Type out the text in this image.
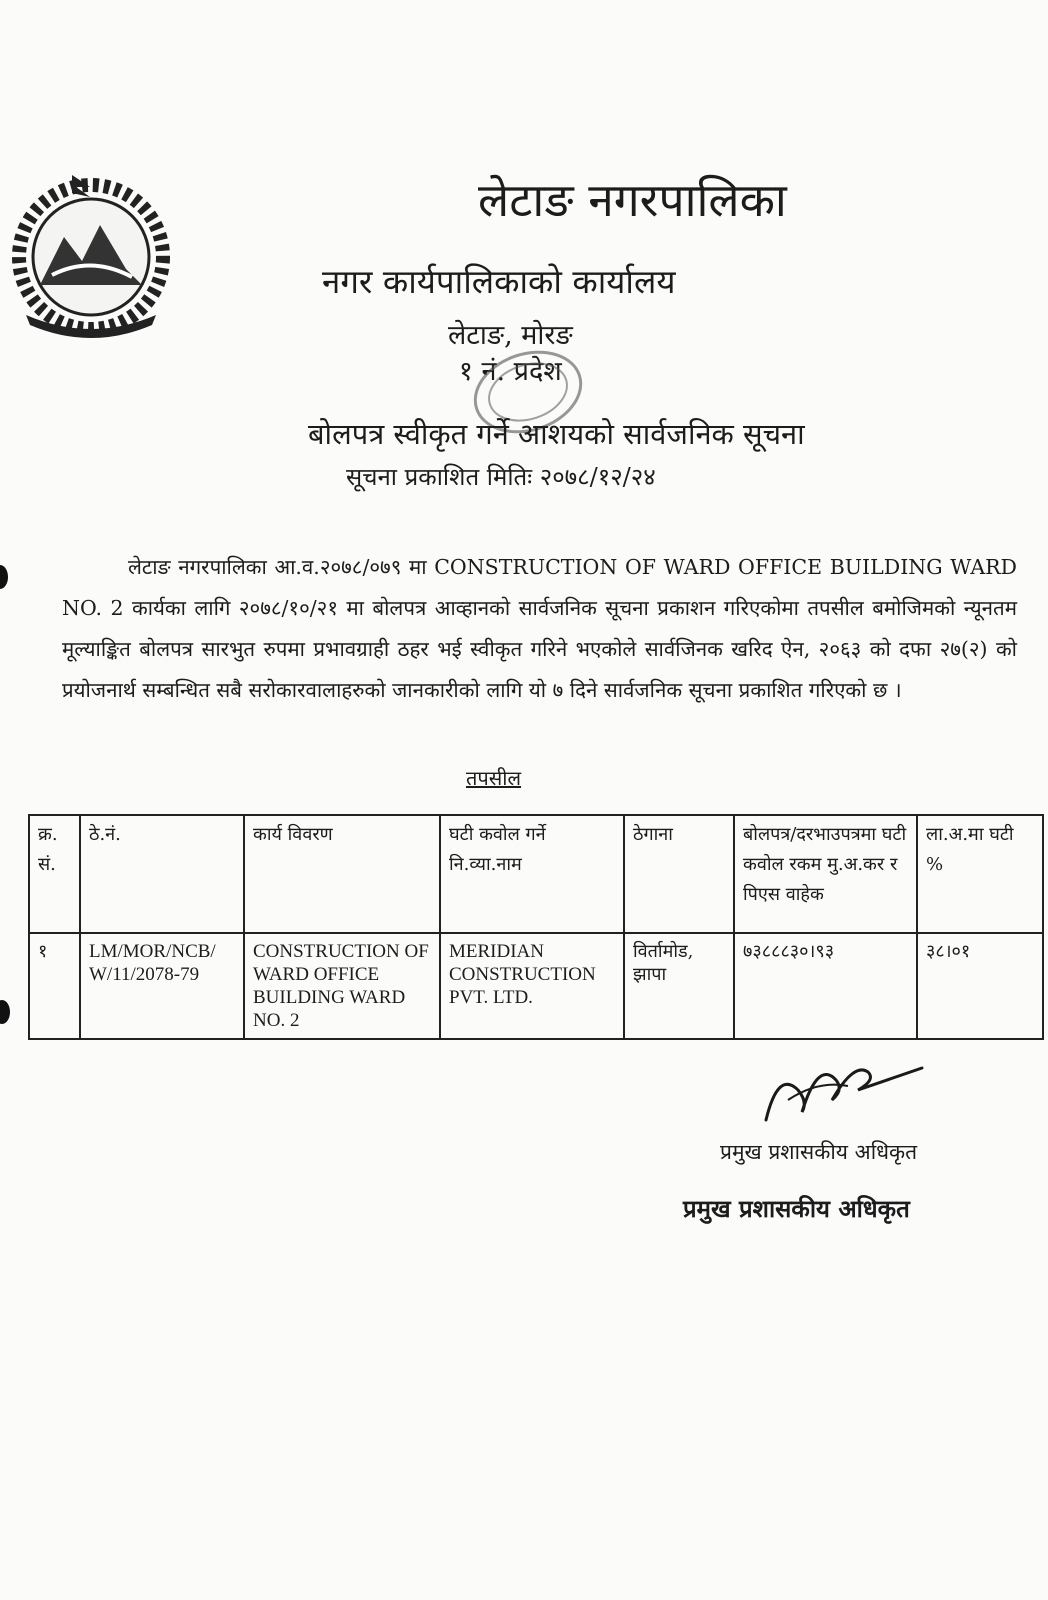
लेटाङ नगरपालिका
नगर कार्यपालिकाको कार्यालय
लेटाङ, मोरङ
१ नं. प्रदेश
बोलपत्र स्वीकृत गर्ने आशयको सार्वजनिक सूचना
सूचना प्रकाशित मितिः २०७८/१२/२४

लेटाङ नगरपालिका आ.व.२०७८/०७९ मा CONSTRUCTION OF WARD OFFICE BUILDING WARD NO. 2 कार्यका लागि २०७८/१०/२१ मा बोलपत्र आव्हानको सार्वजनिक सूचना प्रकाशन गरिएकोमा तपसील बमोजिमको न्यूनतम मूल्याङ्कित बोलपत्र सारभुत रुपमा प्रभावग्राही ठहर भई स्वीकृत गरिने भएकोले सार्वजिनक खरिद ऐन, २०६३ को दफा २७(२) को प्रयोजनार्थ सम्बन्धित सबै सरोकारवालाहरुको जानकारीको लागि यो ७ दिने सार्वजनिक सूचना प्रकाशित गरिएको छ ।

तपसील
क्र. सं.	ठे.नं.	कार्य विवरण	घटी कवोल गर्ने नि.व्या.नाम	ठेगाना	बोलपत्र/दरभाउपत्रमा घटी कवोल रकम मु.अ.कर र पिएस वाहेक	ला.अ.मा घटी %
१	LM/MOR/NCB/ W/11/2078-79	CONSTRUCTION OF WARD OFFICE BUILDING WARD NO. 2	MERIDIAN CONSTRUCTION PVT. LTD.	विर्तामोड, झापा	७३८८८३०।९३	३८।०१
प्रमुख प्रशासकीय अधिकृत
प्रमुख प्रशासकीय अधिकृत
